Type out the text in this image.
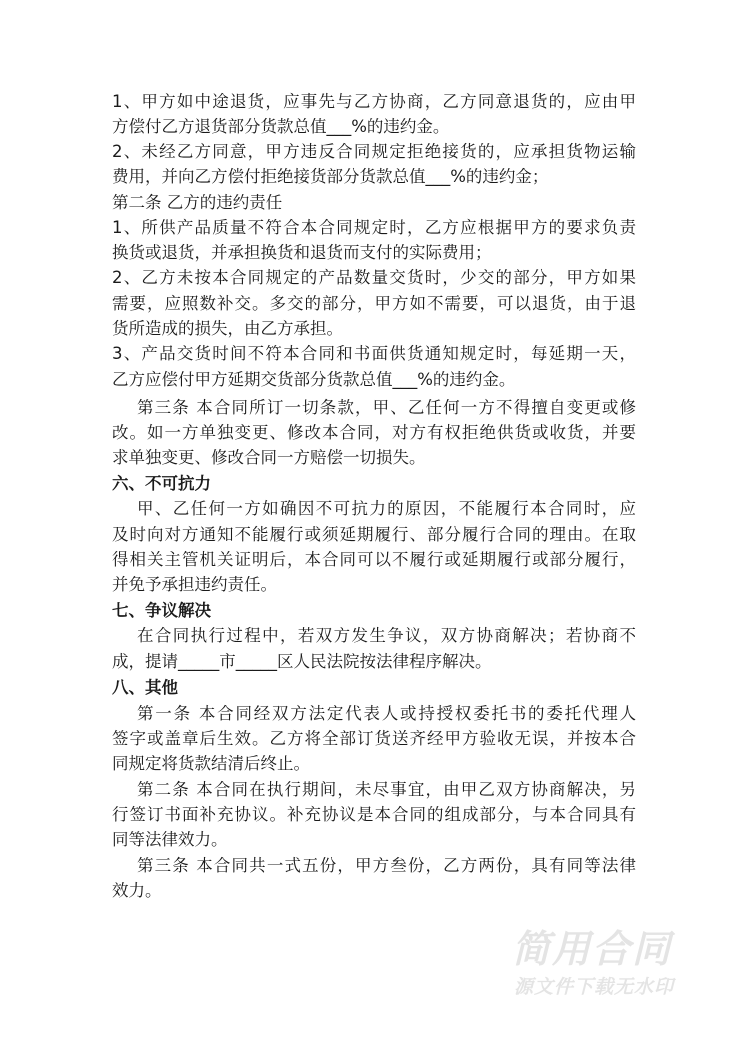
1、甲方如中途退货，应事先与乙方协商，乙方同意退货的，应由甲
方偿付乙方退货部分货款总值___%的违约金。
2、未经乙方同意，甲方违反合同规定拒绝接货的，应承担货物运输
费用，并向乙方偿付拒绝接货部分货款总值___%的违约金；
第二条 乙方的违约责任
1、所供产品质量不符合本合同规定时，乙方应根据甲方的要求负责
换货或退货，并承担换货和退货而支付的实际费用；
2、乙方未按本合同规定的产品数量交货时，少交的部分，甲方如果
需要，应照数补交。多交的部分，甲方如不需要，可以退货，由于退
货所造成的损失，由乙方承担。
3、产品交货时间不符本合同和书面供货通知规定时，每延期一天，
乙方应偿付甲方延期交货部分货款总值___%的违约金。
第三条 本合同所订一切条款，甲、乙任何一方不得擅自变更或修
改。如一方单独变更、修改本合同，对方有权拒绝供货或收货，并要
求单独变更、修改合同一方赔偿一切损失。
六、不可抗力
甲、乙任何一方如确因不可抗力的原因，不能履行本合同时，应
及时向对方通知不能履行或须延期履行、部分履行合同的理由。在取
得相关主管机关证明后，本合同可以不履行或延期履行或部分履行，
并免予承担违约责任。
七、争议解决
在合同执行过程中，若双方发生争议，双方协商解决；若协商不
成，提请_____市_____区人民法院按法律程序解决。
八、其他
第一条 本合同经双方法定代表人或持授权委托书的委托代理人
签字或盖章后生效。乙方将全部订货送齐经甲方验收无误，并按本合
同规定将货款结清后终止。
第二条 本合同在执行期间，未尽事宜，由甲乙双方协商解决，另
行签订书面补充协议。补充协议是本合同的组成部分，与本合同具有
同等法律效力。
第三条 本合同共一式五份，甲方叁份，乙方两份，具有同等法律
效力。
简用合同
源文件下载无水印
